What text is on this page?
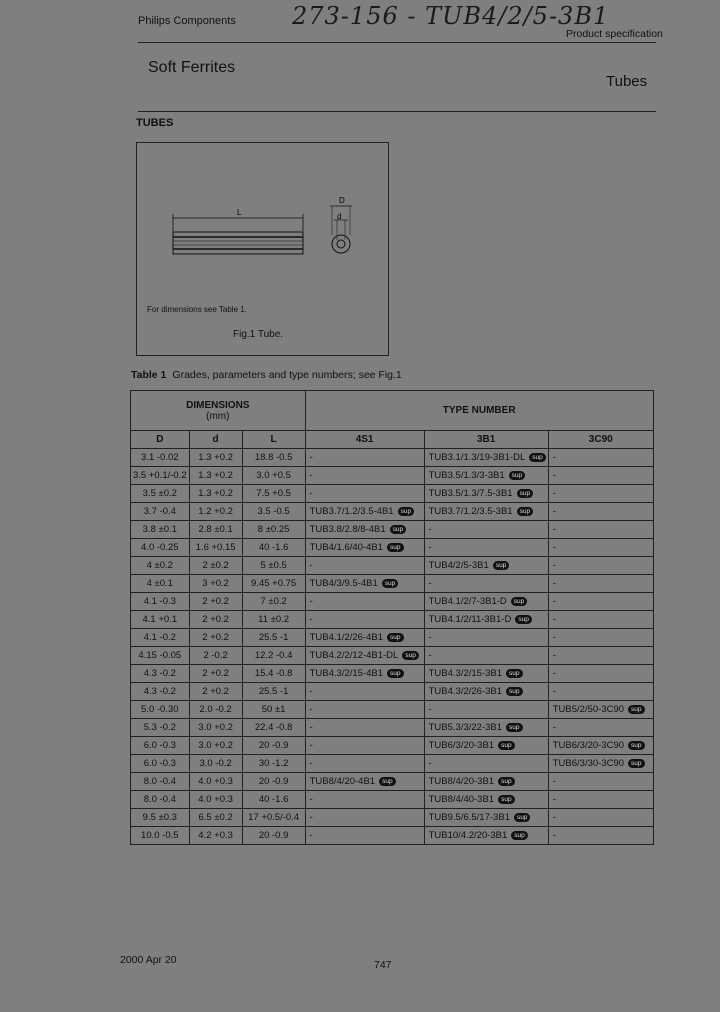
Philips Components 273-156 - TUB4/2/5-3B1
Product specification
Soft Ferrites
Tubes
TUBES
L
D
d
For dimensions see Table 1.
Fig.1 Tube.
Table 1 Grades, parameters and type numbers; see Fig.1
DIMENSIONS
(mm)			TYPE NUMBER		
D	d	L	4S1	3B1	3C90
3.1 -0.02	1.3 +0.2	18.8 -0.5	-	TUB3.1/1.3/19-3B1-DL sup	-
3.5 +0.1/-0.2	1.3 +0.2	3.0 +0.5	-	TUB3.5/1.3/3-3B1 sup	-
3.5 ±0.2	1.3 +0.2	7.5 +0.5	-	TUB3.5/1.3/7.5-3B1 sup	-
3.7 -0.4	1.2 +0.2	3.5 -0.5	TUB3.7/1.2/3.5-4B1 sup	TUB3.7/1.2/3.5-3B1 sup	-
3.8 ±0.1	2.8 ±0.1	8 ±0.25	TUB3.8/2.8/8-4B1 sup	-	-
4.0 -0.25	1.6 +0.15	40 -1.6	TUB4/1.6/40-4B1 sup	-	-
4 ±0.2	2 ±0.2	5 ±0.5	-	TUB4/2/5-3B1 sup	-
4 ±0.1	3 +0.2	9.45 +0.75	TUB4/3/9.5-4B1 sup	-	-
4.1 -0.3	2 +0.2	7 ±0.2	-	TUB4.1/2/7-3B1-D sup	-
4.1 +0.1	2 +0.2	11 ±0.2	-	TUB4.1/2/11-3B1-D sup	-
4.1 -0.2	2 +0.2	25.5 -1	TUB4.1/2/26-4B1 sup	-	-
4.15 -0.05	2 -0.2	12.2 -0.4	TUB4.2/2/12-4B1-DL sup	-	-
4.3 -0.2	2 +0.2	15.4 -0.8	TUB4.3/2/15-4B1 sup	TUB4.3/2/15-3B1 sup	-
4.3 -0.2	2 +0.2	25.5 -1	-	TUB4.3/2/26-3B1 sup	-
5.0 -0.30	2.0 -0.2	50 ±1	-	-	TUB5/2/50-3C90 sup
5.3 -0.2	3.0 +0.2	22.4 -0.8	-	TUB5.3/3/22-3B1 sup	-
6.0 -0.3	3.0 +0.2	20 -0.9	-	TUB6/3/20-3B1 sup	TUB6/3/20-3C90 sup
6.0 -0.3	3.0 -0.2	30 -1.2	-	-	TUB6/3/30-3C90 sup
8.0 -0.4	4.0 +0.3	20 -0.9	TUB8/4/20-4B1 sup	TUB8/4/20-3B1 sup	-
8.0 -0.4	4.0 +0.3	40 -1.6	-	TUB8/4/40-3B1 sup	-
9.5 ±0.3	6.5 ±0.2	17 +0.5/-0.4	-	TUB9.5/6.5/17-3B1 sup	-
10.0 -0.5	4.2 +0.3	20 -0.9	-	TUB10/4.2/20-3B1 sup	-
2000 Apr 20	747
